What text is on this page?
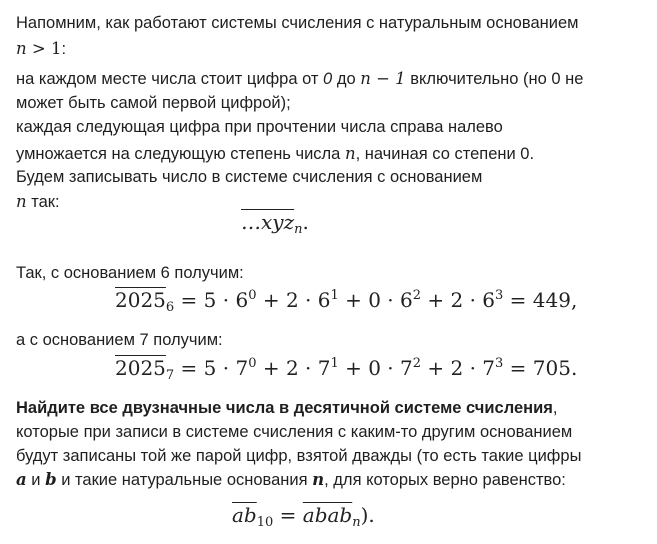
Напомним, как работают системы счисления с натуральным основанием
n > 1:
на каждом месте числа стоит цифра от 0 до n − 1 включительно (но 0 не
может быть самой первой цифрой);
каждая следующая цифра при прочтении числа справа налево
умножается на следующую степень числа n, начиная со степени 0.
Будем записывать число в системе счисления с основанием
n так:
…xyz$_n$.
Так, с основанием 6 получим:
$2025_6 = 5 \cdot 6^0 + 2 \cdot 6^1 + 0 \cdot 6^2 + 2 \cdot 6^3 = 449$,
а с основанием 7 получим:
$2025_7 = 5 \cdot 7^0 + 2 \cdot 7^1 + 0 \cdot 7^2 + 2 \cdot 7^3 = 705$.
Найдите все двузначные числа в десятичной системе счисления,
которые при записи в системе счисления с каким-то другим основанием
будут записаны той же парой цифр, взятой дважды (то есть такие цифры
a и b и такие натуральные основания n, для которых верно равенство:
$\overline{ab}_{10}$ = abab$_n$).
